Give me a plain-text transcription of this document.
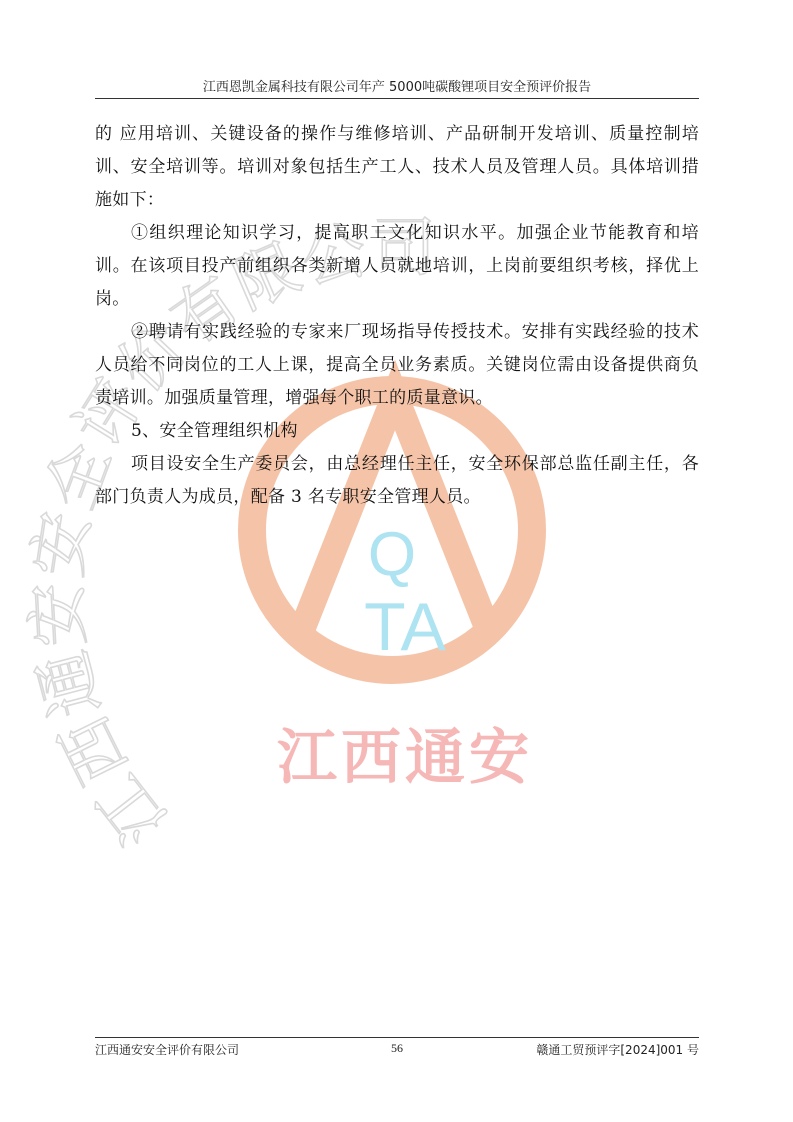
江西恩凯金属科技有限公司年产 5000吨碳酸锂项目安全预评价报告
Q
TA
江西通安安全评价有限公司
江西通安

的 应用培训、关键设备的操作与维修培训、产品研制开发培训、质量控制培训、安全培训等。培训对象包括生产工人、技术人员及管理人员。具体培训措施如下：

①组织理论知识学习，提高职工文化知识水平。加强企业节能教育和培训。在该项目投产前组织各类新增人员就地培训，上岗前要组织考核，择优上岗。

②聘请有实践经验的专家来厂现场指导传授技术。安排有实践经验的技术人员给不同岗位的工人上课，提高全员业务素质。关键岗位需由设备提供商负责培训。加强质量管理，增强每个职工的质量意识。

5、安全管理组织机构

项目设安全生产委员会，由总经理任主任，安全环保部总监任副主任，各部门负责人为成员，配备 3 名专职安全管理人员。

江西通安安全评价有限公司	56	赣通工贸预评字[2024]001 号
